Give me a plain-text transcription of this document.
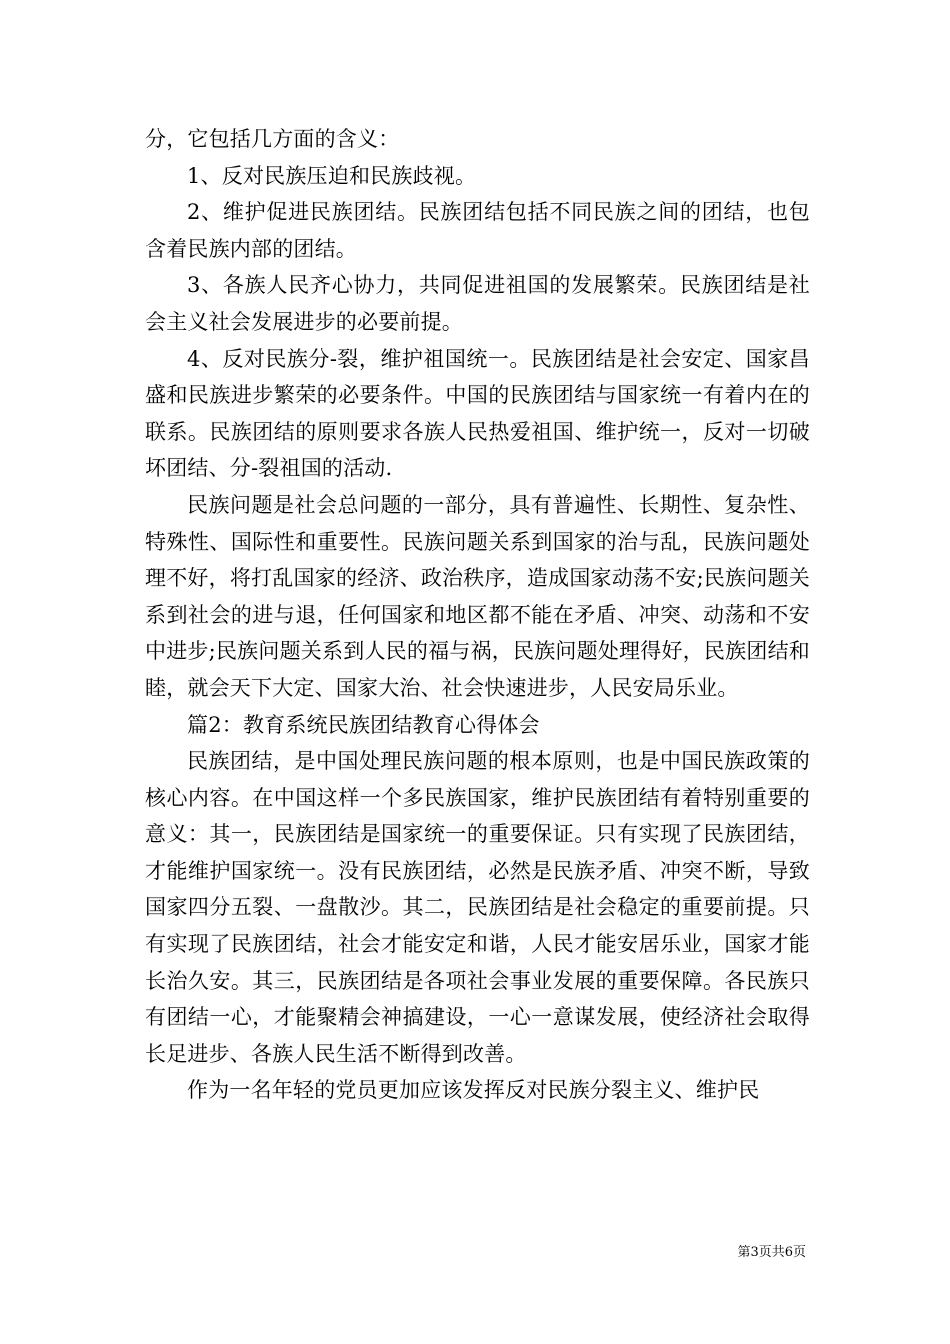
分，它包括几方面的含义：

1、反对民族压迫和民族歧视。

2、维护促进民族团结。民族团结包括不同民族之间的团结，也包含着民族内部的团结。

3、各族人民齐心协力，共同促进祖国的发展繁荣。民族团结是社会主义社会发展进步的必要前提。

4、反对民族分-裂，维护祖国统一。民族团结是社会安定、国家昌盛和民族进步繁荣的必要条件。中国的民族团结与国家统一有着内在的联系。民族团结的原则要求各族人民热爱祖国、维护统一，反对一切破坏团结、分-裂祖国的活动.

民族问题是社会总问题的一部分，具有普遍性、长期性、复杂性、特殊性、国际性和重要性。民族问题关系到国家的治与乱，民族问题处理不好，将打乱国家的经济、政治秩序，造成国家动荡不安;民族问题关系到社会的进与退，任何国家和地区都不能在矛盾、冲突、动荡和不安中进步;民族问题关系到人民的福与祸，民族问题处理得好，民族团结和睦，就会天下大定、国家大治、社会快速进步，人民安局乐业。

篇2：教育系统民族团结教育心得体会

民族团结，是中国处理民族问题的根本原则，也是中国民族政策的核心内容。在中国这样一个多民族国家，维护民族团结有着特别重要的意义：其一，民族团结是国家统一的重要保证。只有实现了民族团结，才能维护国家统一。没有民族团结，必然是民族矛盾、冲突不断，导致国家四分五裂、一盘散沙。其二，民族团结是社会稳定的重要前提。只有实现了民族团结，社会才能安定和谐，人民才能安居乐业，国家才能长治久安。其三，民族团结是各项社会事业发展的重要保障。各民族只有团结一心，才能聚精会神搞建设，一心一意谋发展，使经济社会取得长足进步、各族人民生活不断得到改善。

作为一名年轻的党员更加应该发挥反对民族分裂主义、维护民

第3页共6页
